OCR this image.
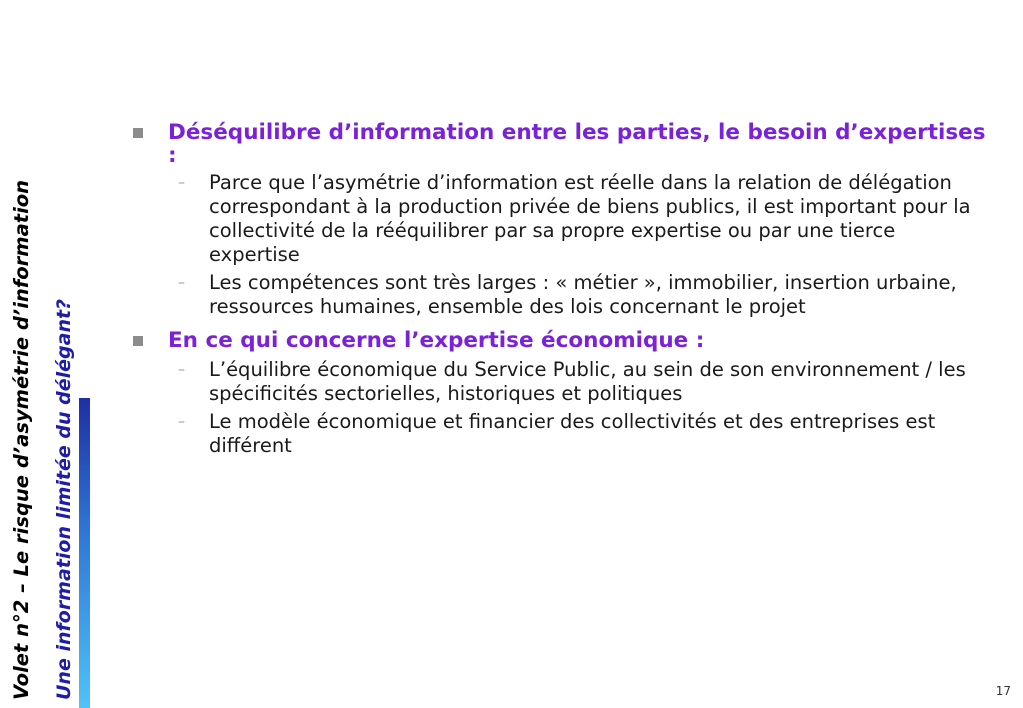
Volet n°2 – Le risque d’asymétrie d’information Une information limitée du délégant?

Déséquilibre d’information entre les parties, le besoin d’expertises :

– Parce que l’asymétrie d’information est réelle dans la relation de délégation correspondant à la production privée de biens publics, il est important pour la collectivité de la rééquilibrer par sa propre expertise ou par une tierce expertise

– Les compétences sont très larges : « métier », immobilier, insertion urbaine, ressources humaines, ensemble des lois concernant le projet

En ce qui concerne l’expertise économique :

– L’équilibre économique du Service Public, au sein de son environnement / les spécificités sectorielles, historiques et politiques

– Le modèle économique et financier des collectivités et des entreprises est différent

17
